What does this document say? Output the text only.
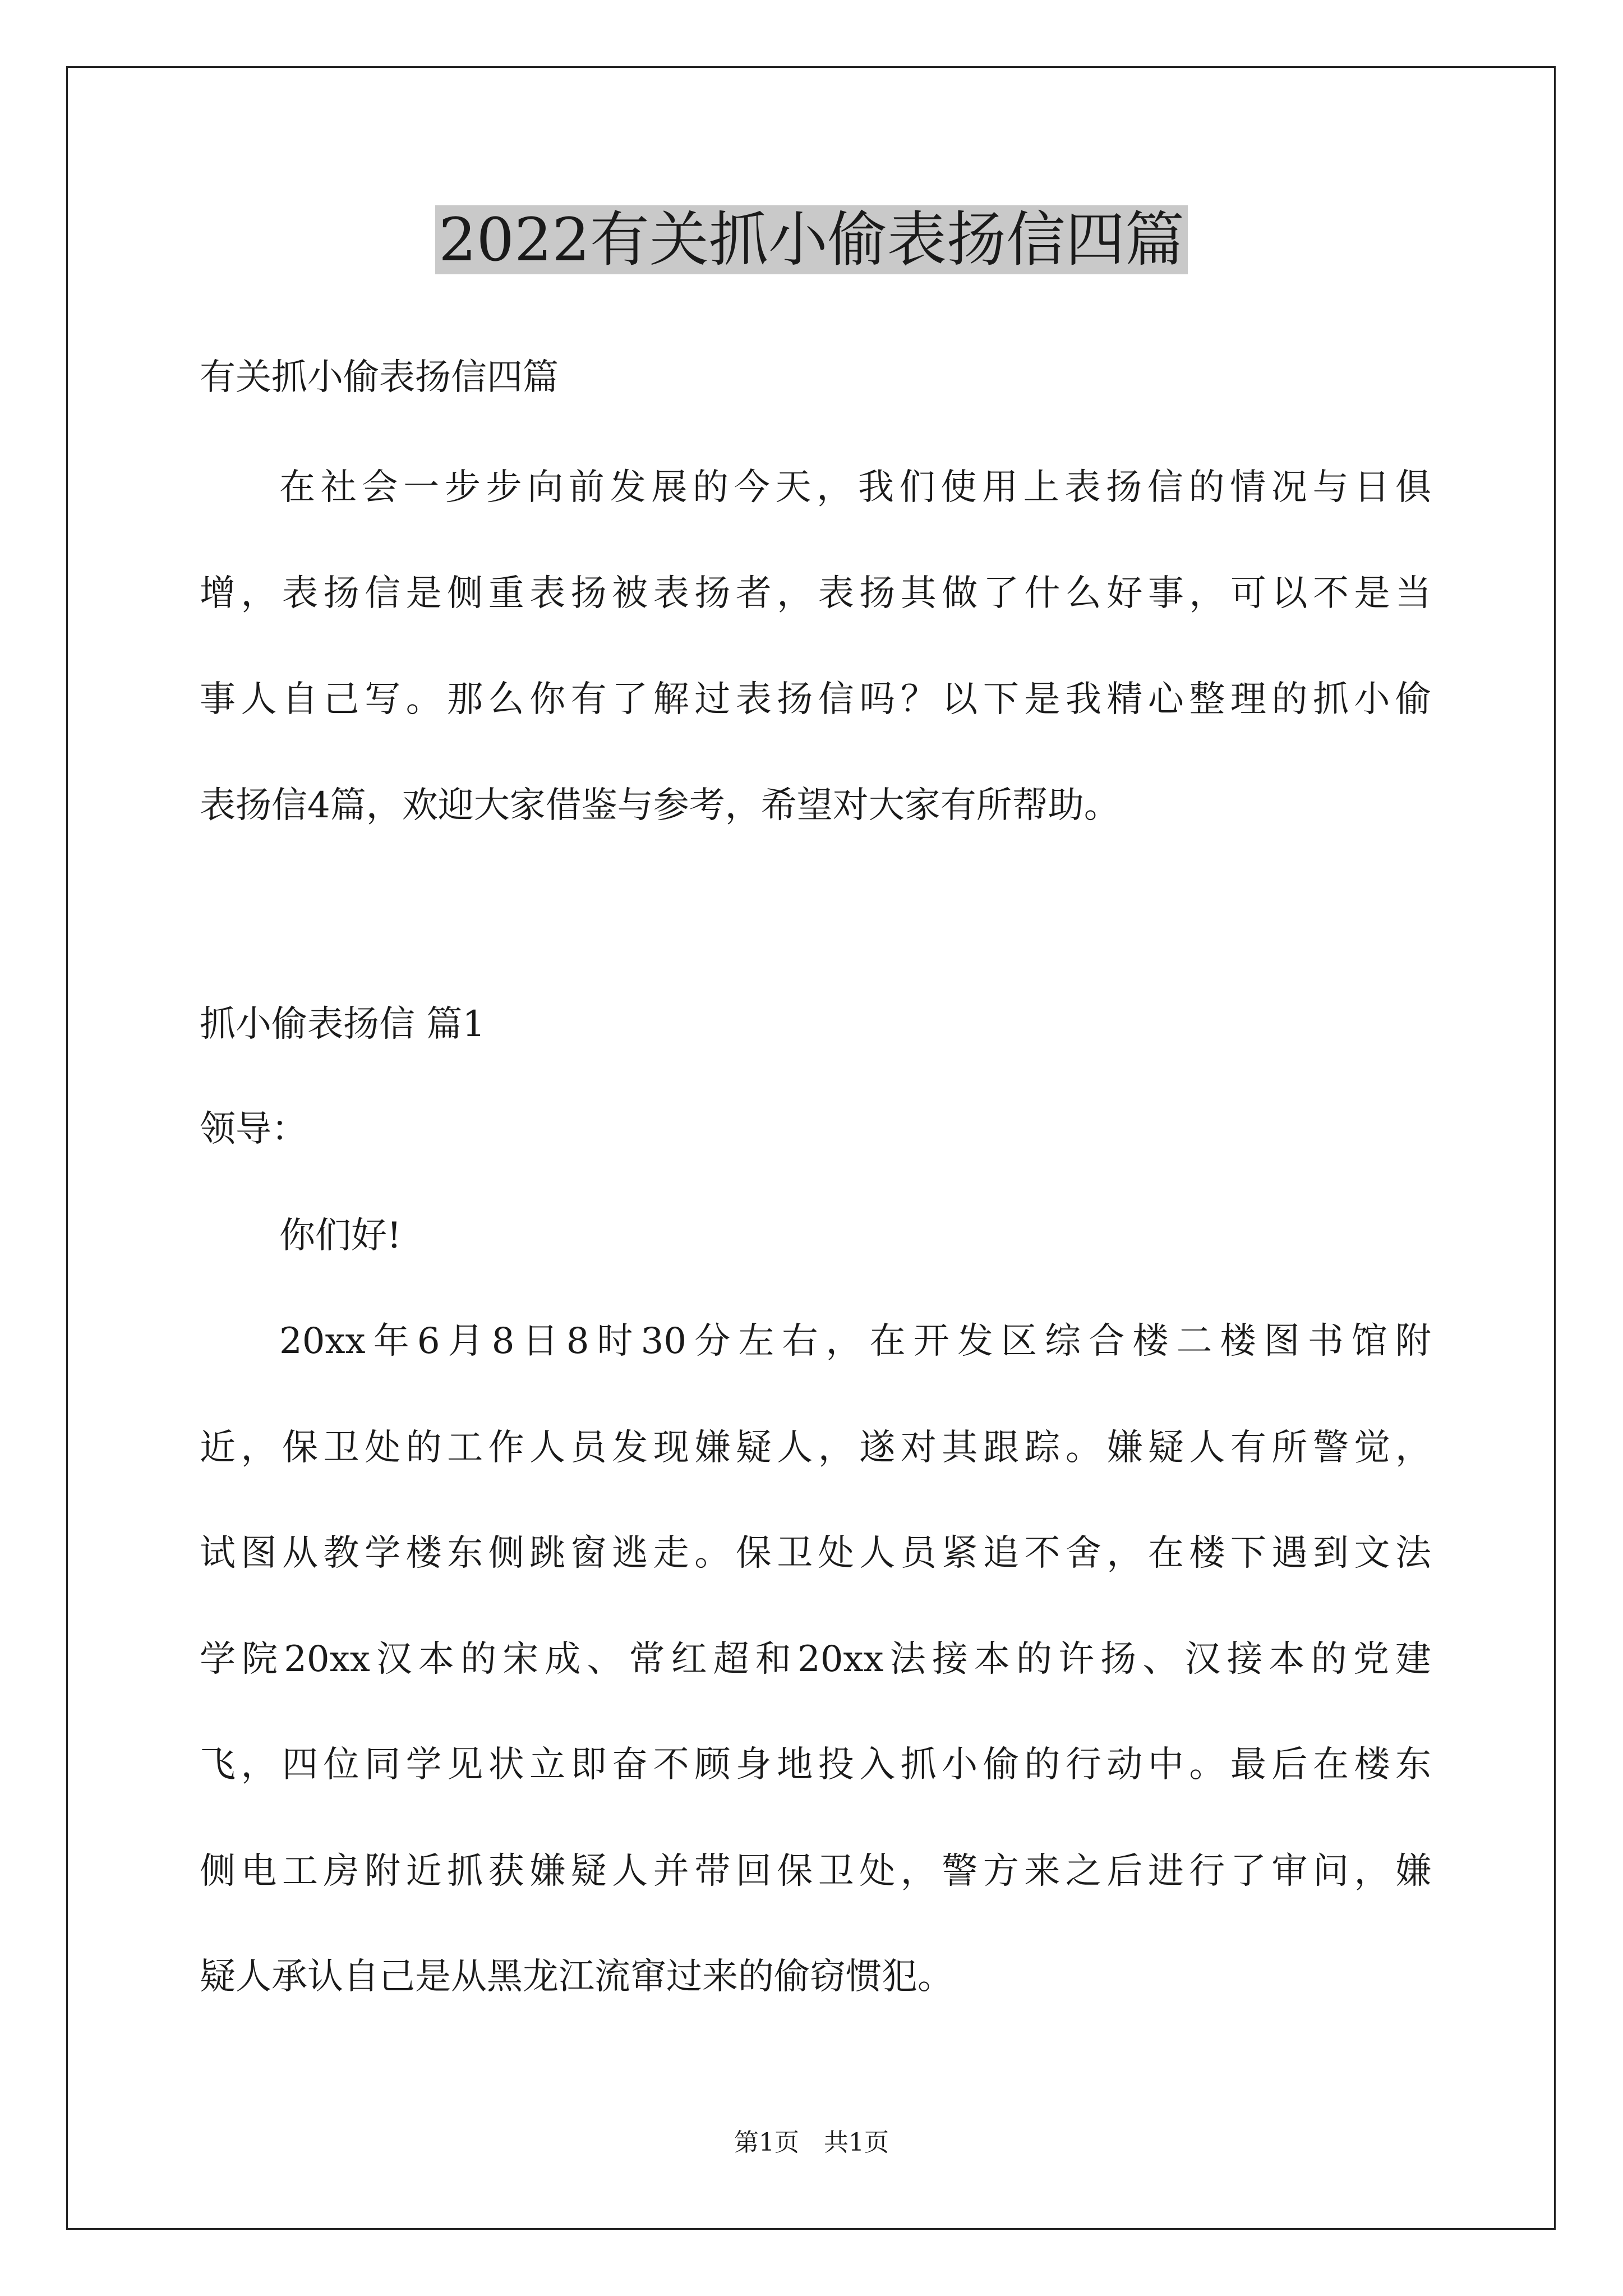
2022有关抓小偷表扬信四篇
有关抓小偷表扬信四篇
在社会一步步向前发展的今天，我们使用上表扬信的情况与日俱
增，表扬信是侧重表扬被表扬者，表扬其做了什么好事，可以不是当
事人自己写。那么你有了解过表扬信吗？以下是我精心整理的抓小偷
表扬信4篇，欢迎大家借鉴与参考，希望对大家有所帮助。
抓小偷表扬信 篇1
领导：
你们好!
20xx年6月8日8时30分左右，在开发区综合楼二楼图书馆附
近，保卫处的工作人员发现嫌疑人，遂对其跟踪。嫌疑人有所警觉，
试图从教学楼东侧跳窗逃走。保卫处人员紧追不舍，在楼下遇到文法
学院20xx汉本的宋成、常红超和20xx法接本的许扬、汉接本的党建
飞，四位同学见状立即奋不顾身地投入抓小偷的行动中。最后在楼东
侧电工房附近抓获嫌疑人并带回保卫处，警方来之后进行了审问，嫌
疑人承认自己是从黑龙江流窜过来的偷窃惯犯。
第1页　共1页
